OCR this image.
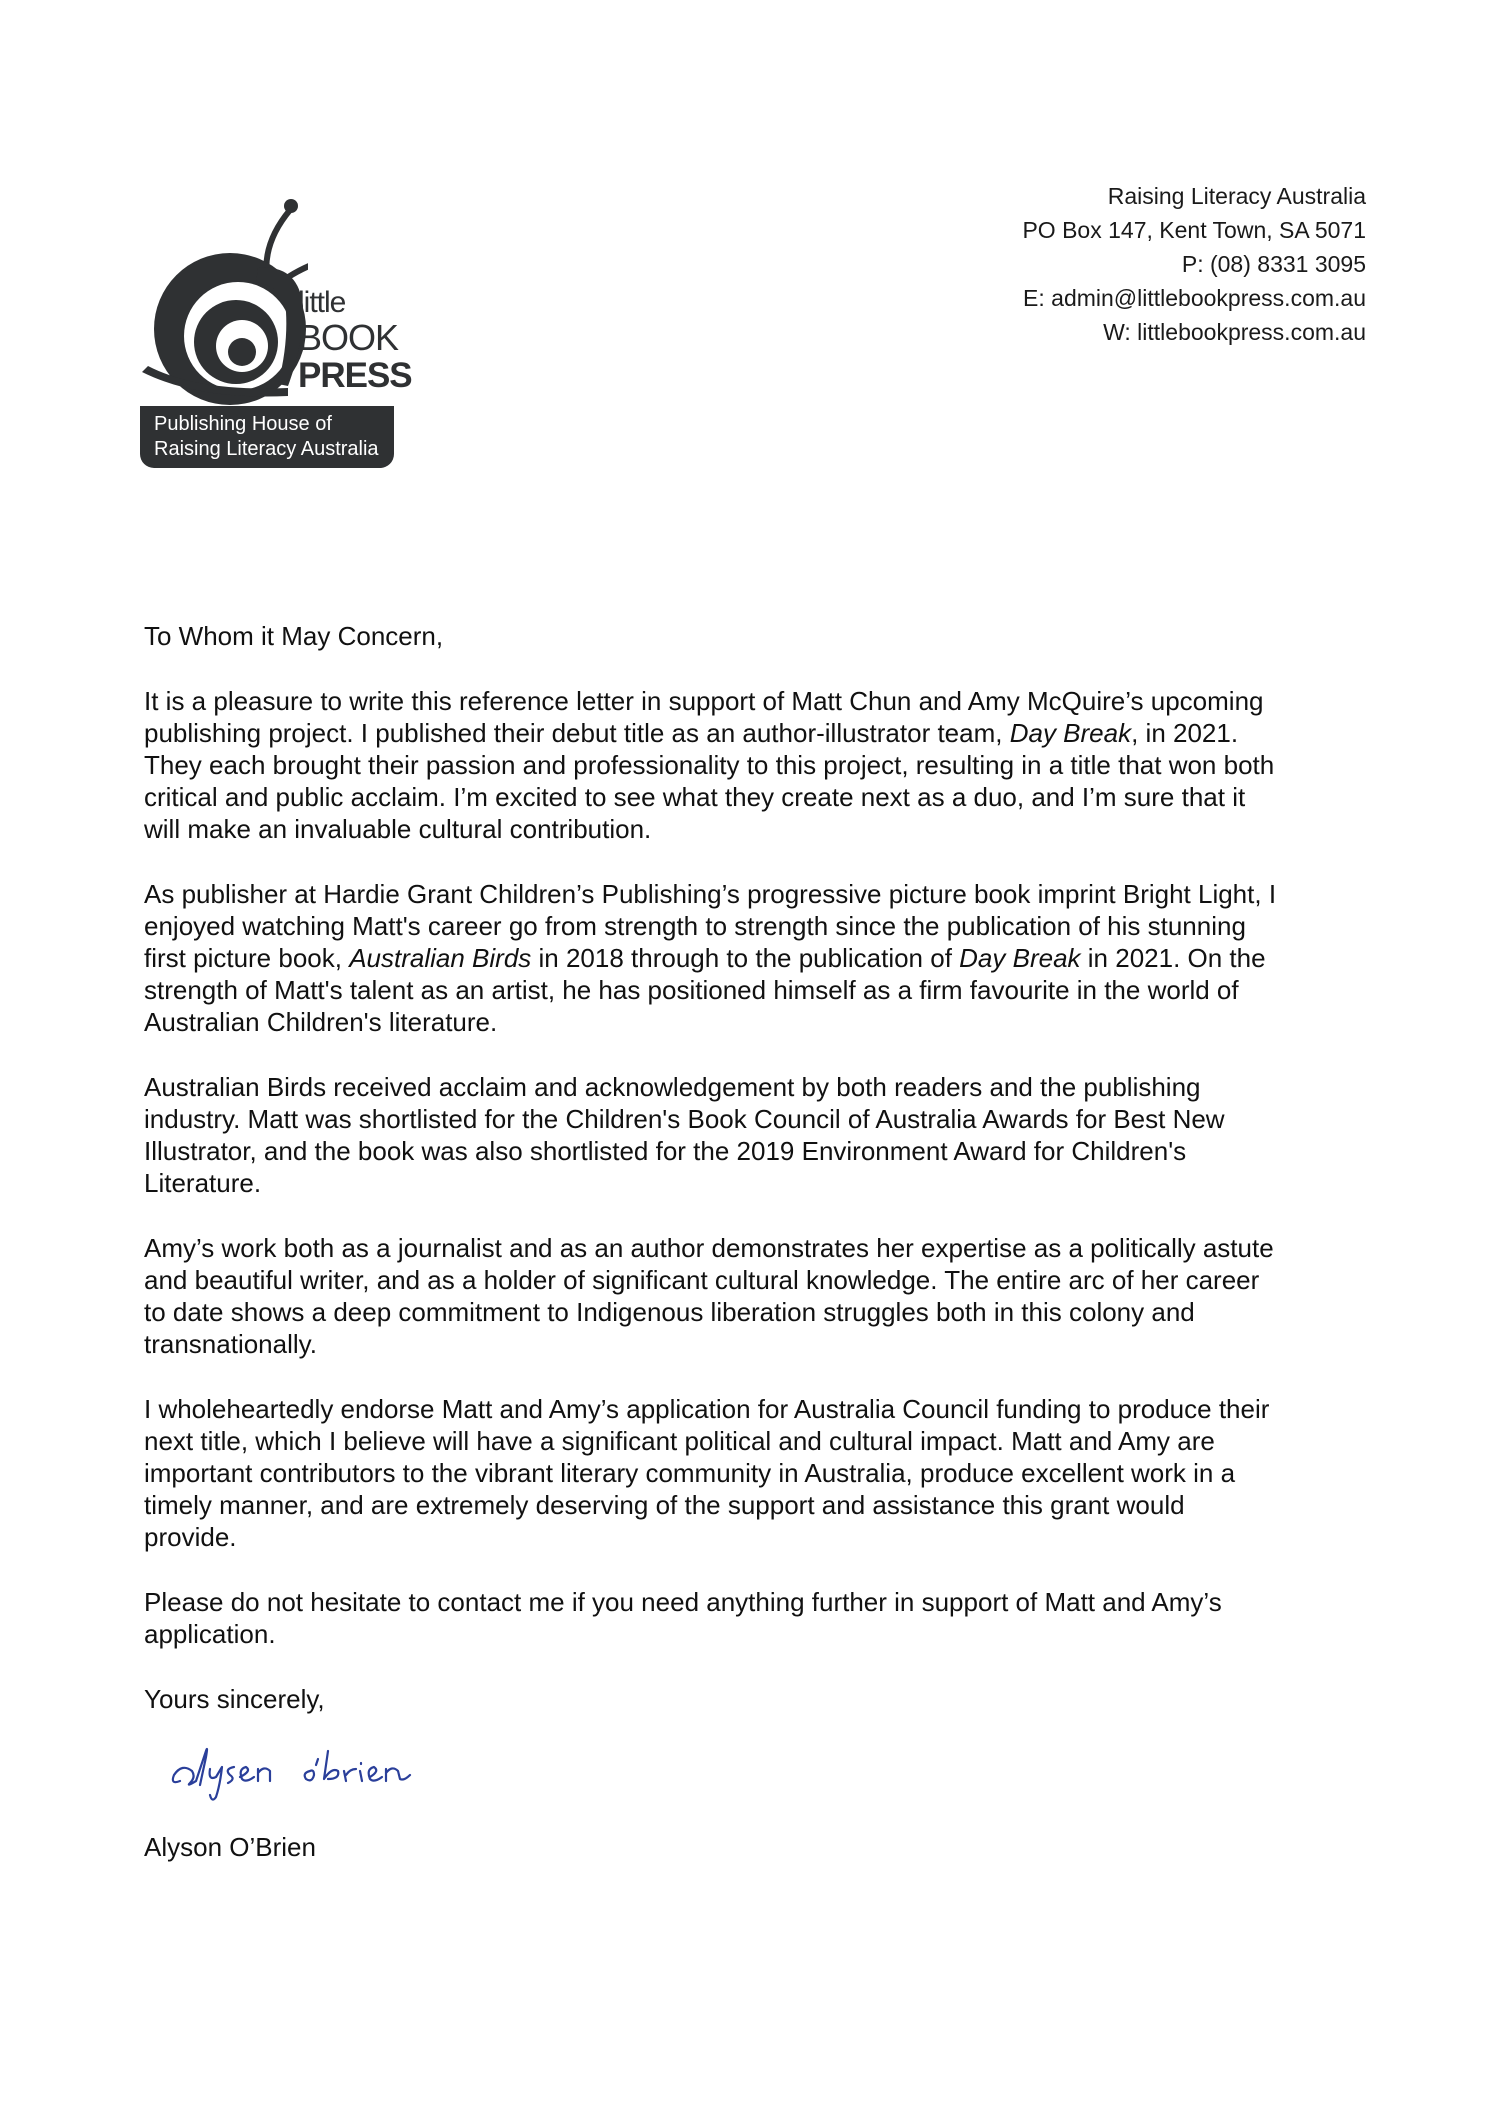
little
BOOK
PRESS
Publishing House of
Raising Literacy Australia
Raising Literacy Australia
PO Box 147, Kent Town, SA 5071
P: (08) 8331 3095
E: admin@littlebookpress.com.au
W: littlebookpress.com.au

To Whom it May Concern,

It is a pleasure to write this reference letter in support of Matt Chun and Amy McQuire’s upcoming
publishing project. I published their debut title as an author-illustrator team, Day Break, in 2021.
They each brought their passion and professionality to this project, resulting in a title that won both
critical and public acclaim. I’m excited to see what they create next as a duo, and I’m sure that it
will make an invaluable cultural contribution.

As publisher at Hardie Grant Children’s Publishing’s progressive picture book imprint Bright Light, I
enjoyed watching Matt's career go from strength to strength since the publication of his stunning
first picture book, Australian Birds in 2018 through to the publication of Day Break in 2021. On the
strength of Matt's talent as an artist, he has positioned himself as a firm favourite in the world of
Australian Children's literature.

Australian Birds received acclaim and acknowledgement by both readers and the publishing
industry. Matt was shortlisted for the Children's Book Council of Australia Awards for Best New
Illustrator, and the book was also shortlisted for the 2019 Environment Award for Children's
Literature.

Amy’s work both as a journalist and as an author demonstrates her expertise as a politically astute
and beautiful writer, and as a holder of significant cultural knowledge. The entire arc of her career
to date shows a deep commitment to Indigenous liberation struggles both in this colony and
transnationally.

I wholeheartedly endorse Matt and Amy’s application for Australia Council funding to produce their
next title, which I believe will have a significant political and cultural impact. Matt and Amy are
important contributors to the vibrant literary community in Australia, produce excellent work in a
timely manner, and are extremely deserving of the support and assistance this grant would
provide.

Please do not hesitate to contact me if you need anything further in support of Matt and Amy’s
application.

Yours sincerely,

Alyson O’Brien
